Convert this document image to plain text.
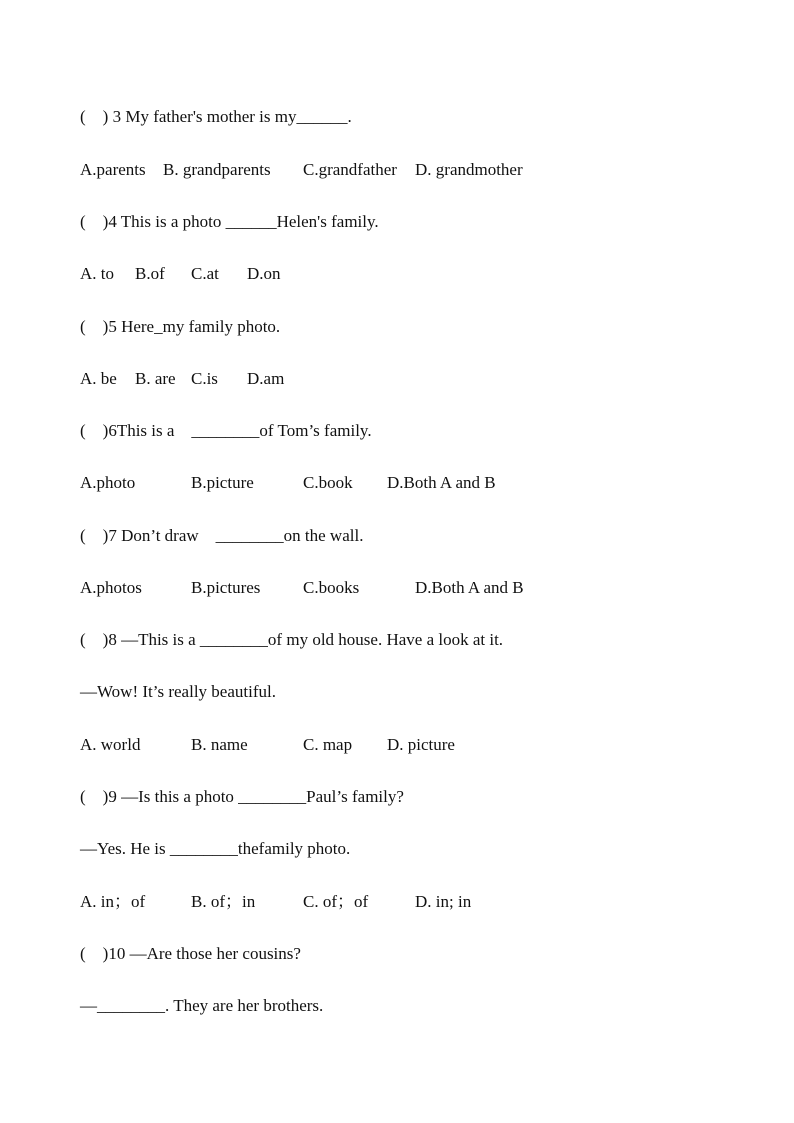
(    ) 3 My father's mother is my______.
A.parents B. grandparents C.grandfather D. grandmother
(    )4 This is a photo ______Helen's family.
A. to B.of C.at D.on
(    )5 Here_my family photo.
A. be B. are C.is D.am
(    )6This is a    ________of Tom’s family.
A.photo	B.picture	C.book D.Both A and B
(    )7 Don’t draw    ________on the wall.
A.photos	B.pictures	C.books	D.Both A and B
(    )8 —This is a ________of my old house. Have a look at it.
—Wow! It’s really beautiful.
A. world	B. name	C. map D. picture
(    )9 —Is this a photo ________Paul’s family?
—Yes. He is ________thefamily photo.
A. in；of	B. of；in	C. of；of	D. in; in
(    )10 —Are those her cousins?
—________. They are her brothers.
